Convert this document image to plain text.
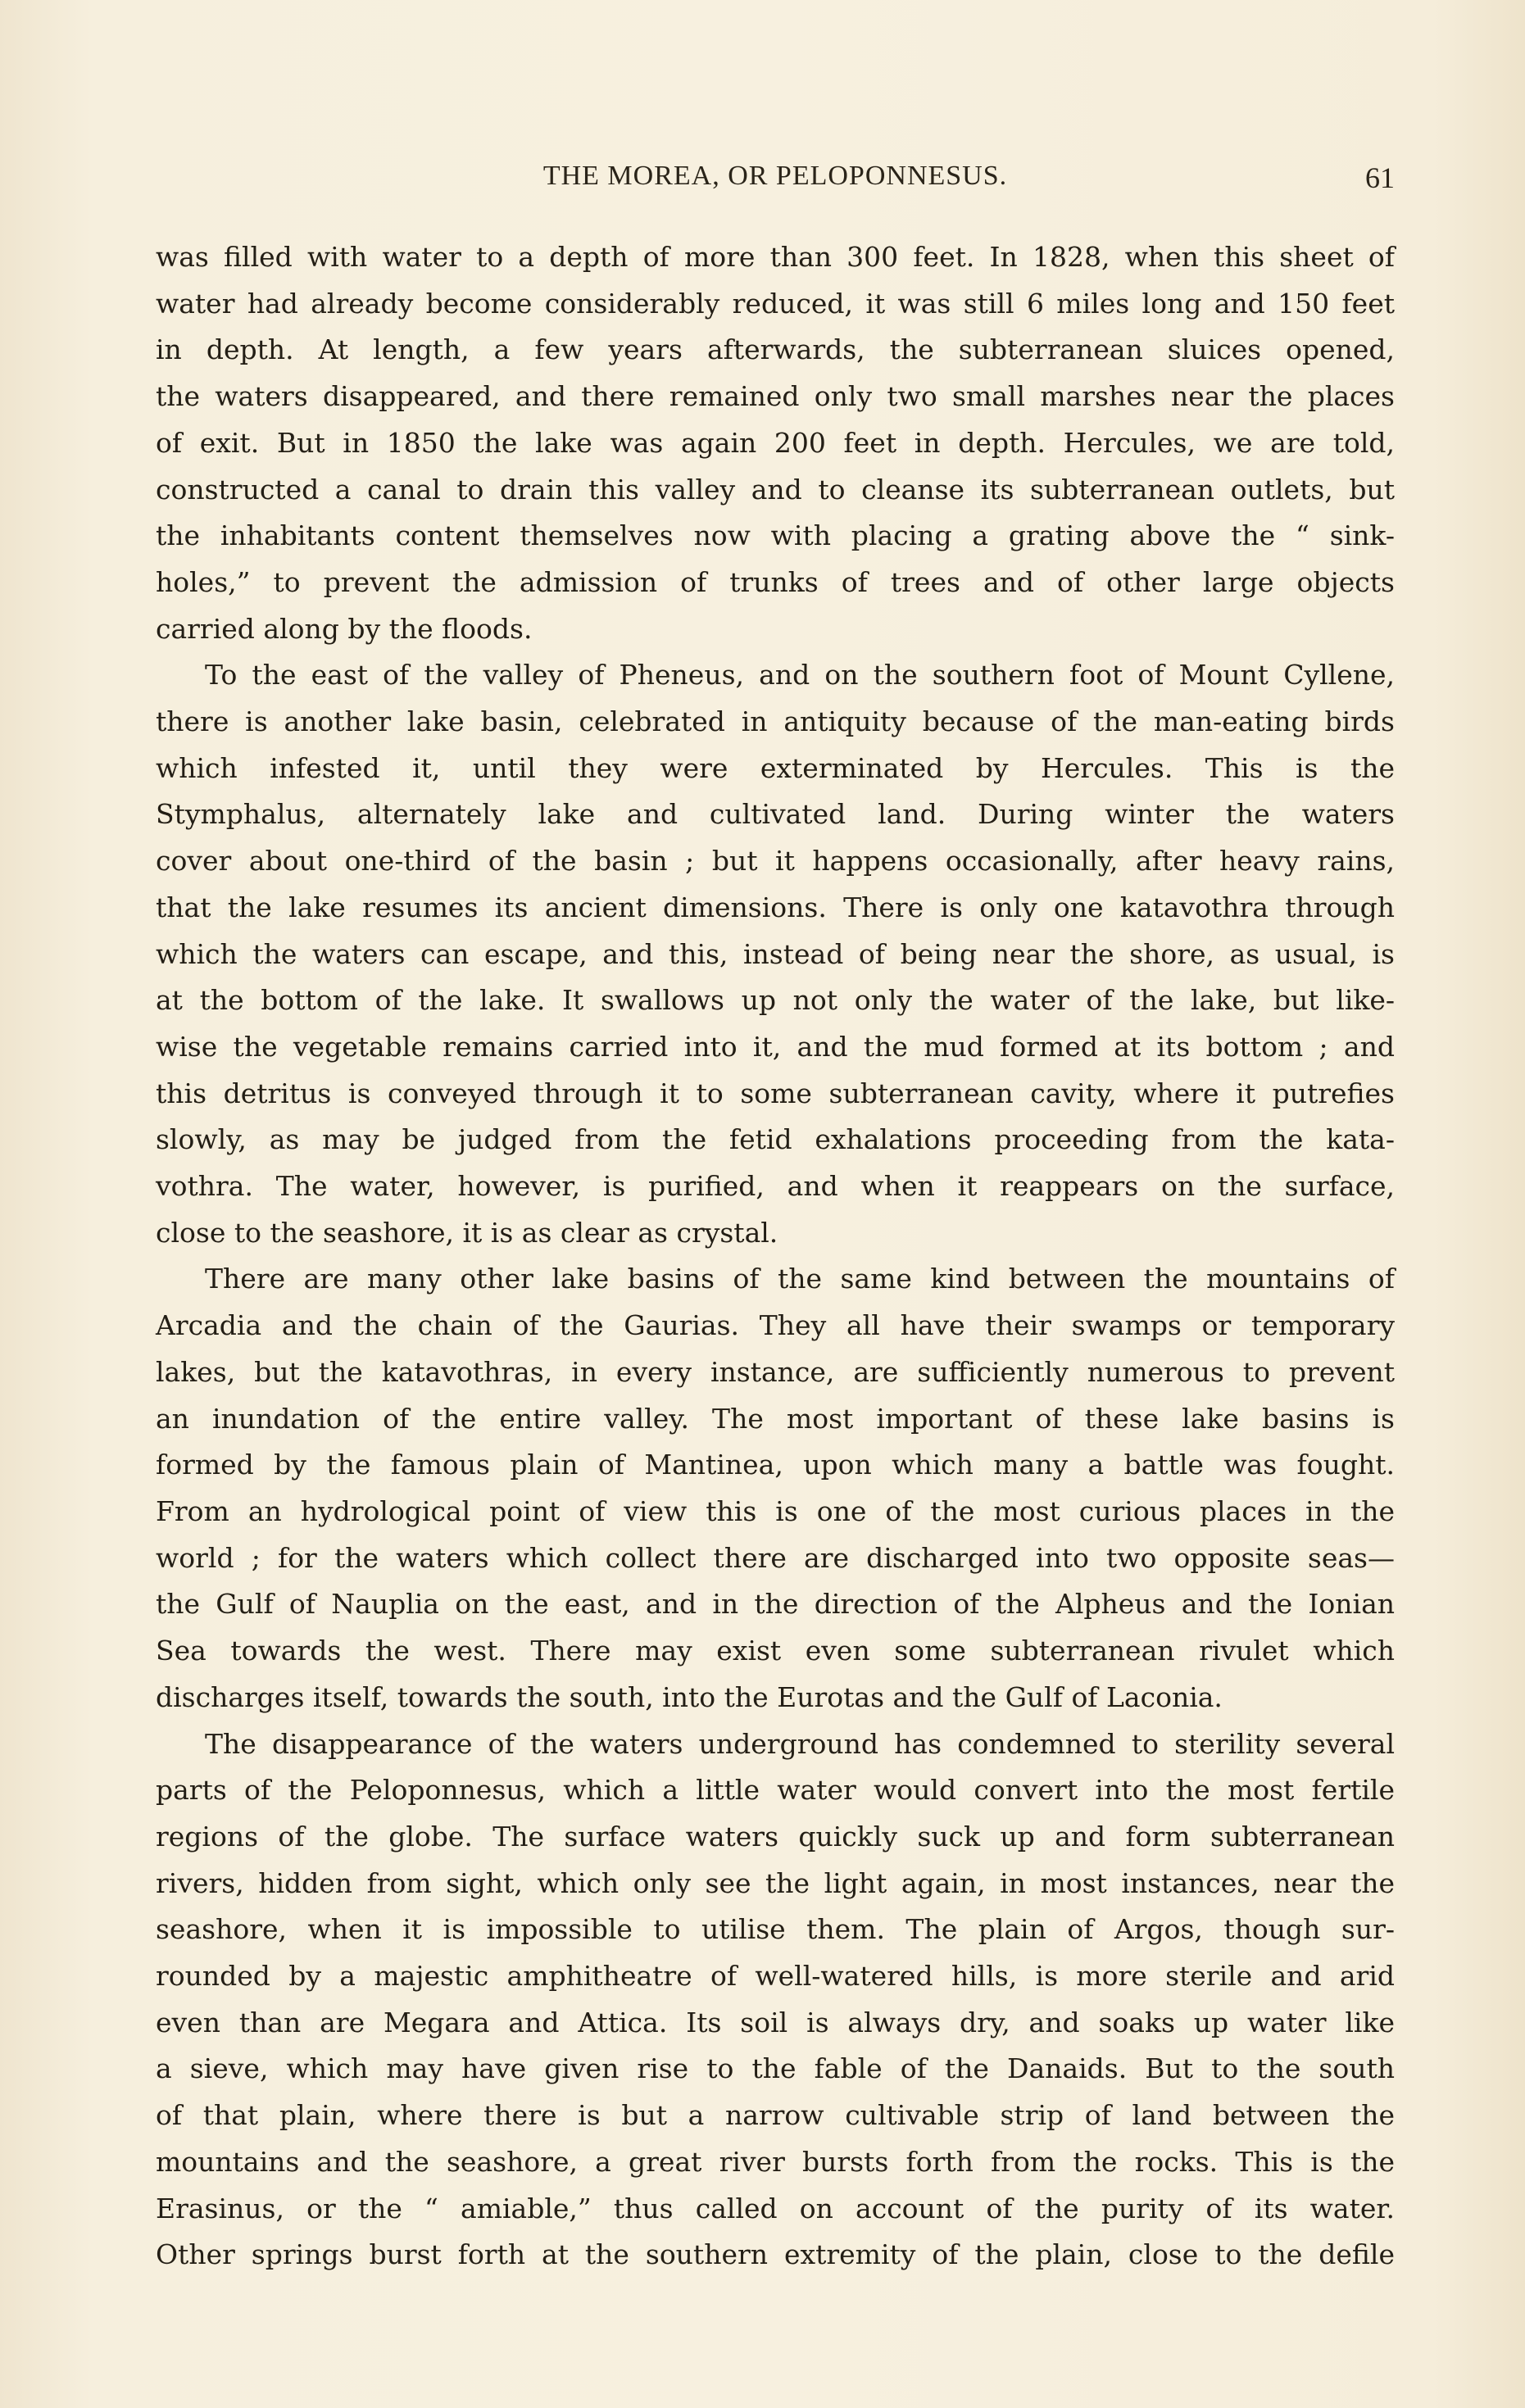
THE MOREA, OR PELOPONNESUS.	61

was filled with water to a depth of more than 300 feet. In 1828, when this sheet of

water had already become considerably reduced, it was still 6 miles long and 150 feet

in depth. At length, a few years afterwards, the subterranean sluices opened,

the waters disappeared, and there remained only two small marshes near the places

of exit. But in 1850 the lake was again 200 feet in depth. Hercules, we are told,

constructed a canal to drain this valley and to cleanse its subterranean outlets, but

the inhabitants content themselves now with placing a grating above the “ sink-

holes,” to prevent the admission of trunks of trees and of other large objects

carried along by the floods.

To the east of the valley of Pheneus, and on the southern foot of Mount Cyllene,

there is another lake basin, celebrated in antiquity because of the man-eating birds

which infested it, until they were exterminated by Hercules. This is the

Stymphalus, alternately lake and cultivated land. During winter the waters

cover about one-third of the basin ; but it happens occasionally, after heavy rains,

that the lake resumes its ancient dimensions. There is only one katavothra through

which the waters can escape, and this, instead of being near the shore, as usual, is

at the bottom of the lake. It swallows up not only the water of the lake, but like-

wise the vegetable remains carried into it, and the mud formed at its bottom ; and

this detritus is conveyed through it to some subterranean cavity, where it putrefies

slowly, as may be judged from the fetid exhalations proceeding from the kata-

vothra. The water, however, is purified, and when it reappears on the surface,

close to the seashore, it is as clear as crystal.

There are many other lake basins of the same kind between the mountains of

Arcadia and the chain of the Gaurias. They all have their swamps or temporary

lakes, but the katavothras, in every instance, are sufficiently numerous to prevent

an inundation of the entire valley. The most important of these lake basins is

formed by the famous plain of Mantinea, upon which many a battle was fought.

From an hydrological point of view this is one of the most curious places in the

world ; for the waters which collect there are discharged into two opposite seas—

the Gulf of Nauplia on the east, and in the direction of the Alpheus and the Ionian

Sea towards the west. There may exist even some subterranean rivulet which

discharges itself, towards the south, into the Eurotas and the Gulf of Laconia.

The disappearance of the waters underground has condemned to sterility several

parts of the Peloponnesus, which a little water would convert into the most fertile

regions of the globe. The surface waters quickly suck up and form subterranean

rivers, hidden from sight, which only see the light again, in most instances, near the

seashore, when it is impossible to utilise them. The plain of Argos, though sur-

rounded by a majestic amphitheatre of well-watered hills, is more sterile and arid

even than are Megara and Attica. Its soil is always dry, and soaks up water like

a sieve, which may have given rise to the fable of the Danaids. But to the south

of that plain, where there is but a narrow cultivable strip of land between the

mountains and the seashore, a great river bursts forth from the rocks. This is the

Erasinus, or the “ amiable,” thus called on account of the purity of its water.

Other springs burst forth at the southern extremity of the plain, close to the defile
